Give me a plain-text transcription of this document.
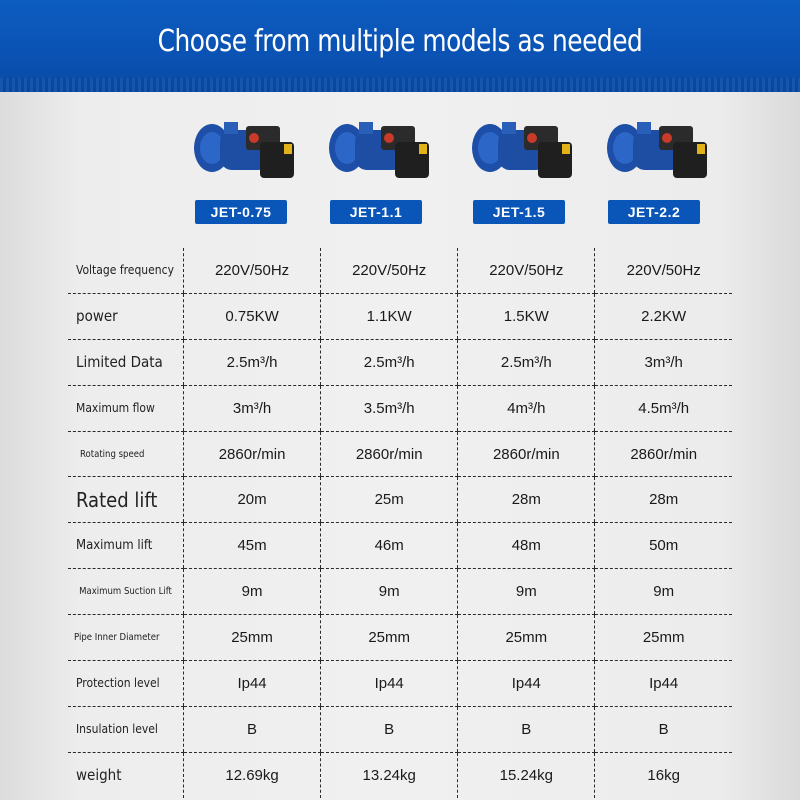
Choose from multiple models as needed
JET-0.75	JET-1.1	JET-1.5	JET-2.2
Voltage frequency	220V/50Hz	220V/50Hz	220V/50Hz	220V/50Hz
power	0.75KW	1.1KW	1.5KW	2.2KW
Limited Data	2.5m³/h	2.5m³/h	2.5m³/h	3m³/h
Maximum flow	3m³/h	3.5m³/h	4m³/h	4.5m³/h
Rotating speed	2860r/min	2860r/min	2860r/min	2860r/min
Rated lift	20m	25m	28m	28m
Maximum lift	45m	46m	48m	50m
Maximum Suction Lift	9m	9m	9m	9m
Pipe Inner Diameter	25mm	25mm	25mm	25mm
Protection level	Ip44	Ip44	Ip44	Ip44
Insulation level	B	B	B	B
weight	12.69kg	13.24kg	15.24kg	16kg
